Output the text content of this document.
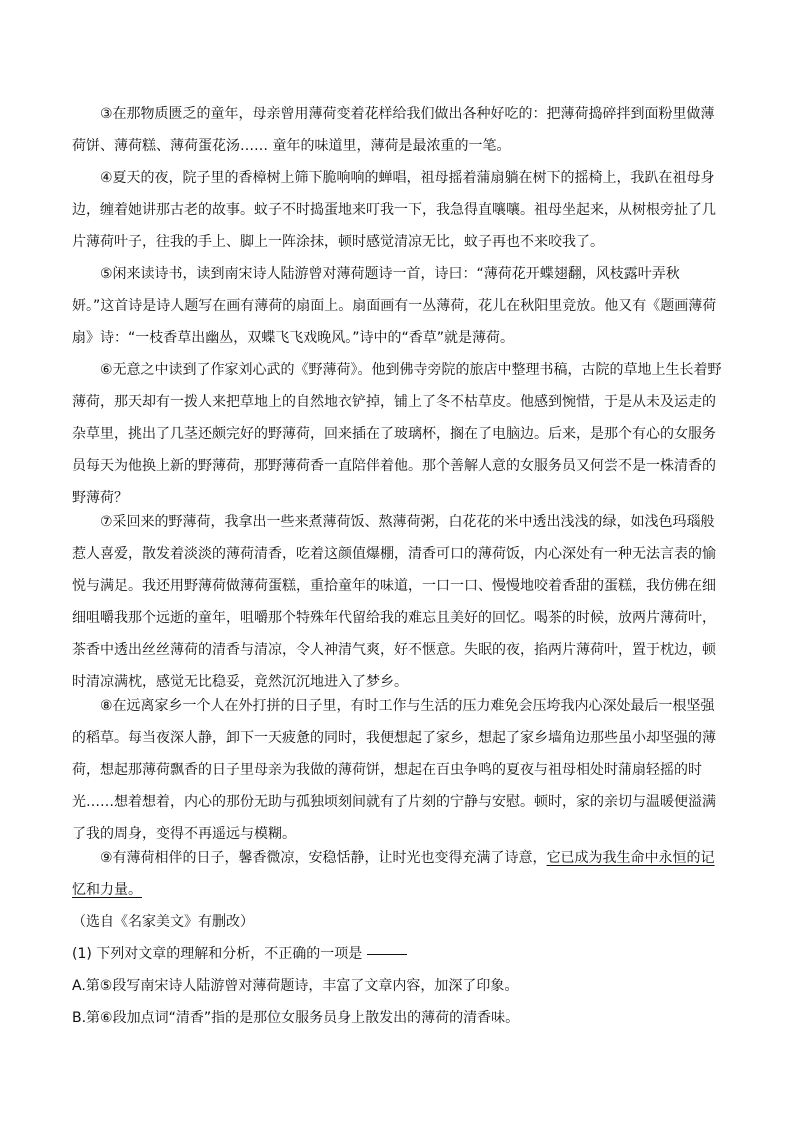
③在那物质匮乏的童年，母亲曾用薄荷变着花样给我们做出各种好吃的：把薄荷捣碎拌到面粉里做薄荷饼、薄荷糕、薄荷蛋花汤…… 童年的味道里，薄荷是最浓重的一笔。

④夏天的夜，院子里的香樟树上筛下脆响响的蝉唱，祖母摇着蒲扇躺在树下的摇椅上，我趴在祖母身边，缠着她讲那古老的故事。蚊子不时捣蛋地来叮我一下，我急得直嚷嚷。祖母坐起来，从树根旁扯了几片薄荷叶子，往我的手上、脚上一阵涂抹，顿时感觉清凉无比，蚊子再也不来咬我了。

⑤闲来读诗书，读到南宋诗人陆游曾对薄荷题诗一首，诗曰：“薄荷花开蝶翅翻，风枝露叶弄秋妍。”这首诗是诗人题写在画有薄荷的扇面上。扇面画有一丛薄荷，花儿在秋阳里竞放。他又有《题画薄荷扇》诗：“一枝香草出幽丛，双蝶飞飞戏晚风。”诗中的“香草”就是薄荷。

⑥无意之中读到了作家刘心武的《野薄荷》。他到佛寺旁院的旅店中整理书稿，古院的草地上生长着野薄荷，那天却有一拨人来把草地上的自然地衣铲掉，铺上了冬不枯草皮。他感到惋惜，于是从未及运走的杂草里，挑出了几茎还颇完好的野薄荷，回来插在了玻璃杯，搁在了电脑边。后来，是那个有心的女服务员每天为他换上新的野薄荷，那野薄荷香一直陪伴着他。那个善解人意的女服务员又何尝不是一株清香的野薄荷？

⑦采回来的野薄荷，我拿出一些来煮薄荷饭、熬薄荷粥，白花花的米中透出浅浅的绿，如浅色玛瑙般惹人喜爱，散发着淡淡的薄荷清香，吃着这颜值爆棚，清香可口的薄荷饭，内心深处有一种无法言表的愉悦与满足。我还用野薄荷做薄荷蛋糕，重拾童年的味道，一口一口、慢慢地咬着香甜的蛋糕，我仿佛在细细咀嚼我那个远逝的童年，咀嚼那个特殊年代留给我的难忘且美好的回忆。喝茶的时候，放两片薄荷叶，茶香中透出丝丝薄荷的清香与清凉，令人神清气爽，好不惬意。失眠的夜，掐两片薄荷叶，置于枕边，顿时清凉满枕，感觉无比稳妥，竟然沉沉地进入了梦乡。

⑧在远离家乡一个人在外打拼的日子里，有时工作与生活的压力难免会压垮我内心深处最后一根坚强的稻草。每当夜深人静，卸下一天疲惫的同时，我便想起了家乡，想起了家乡墙角边那些虽小却坚强的薄荷，想起那薄荷飘香的日子里母亲为我做的薄荷饼，想起在百虫争鸣的夏夜与祖母相处时蒲扇轻摇的时光……想着想着，内心的那份无助与孤独顷刻间就有了片刻的宁静与安慰。顿时，家的亲切与温暖便溢满了我的周身，变得不再遥远与模糊。

⑨有薄荷相伴的日子，馨香微凉，安稳恬静，让时光也变得充满了诗意，它已成为我生命中永恒的记忆和力量。

（选自《名家美文》有删改）

(1) 下列对文章的理解和分析，不正确的一项是

A.第⑤段写南宋诗人陆游曾对薄荷题诗，丰富了文章内容，加深了印象。

B.第⑥段加点词“清香”指的是那位女服务员身上散发出的薄荷的清香味。
